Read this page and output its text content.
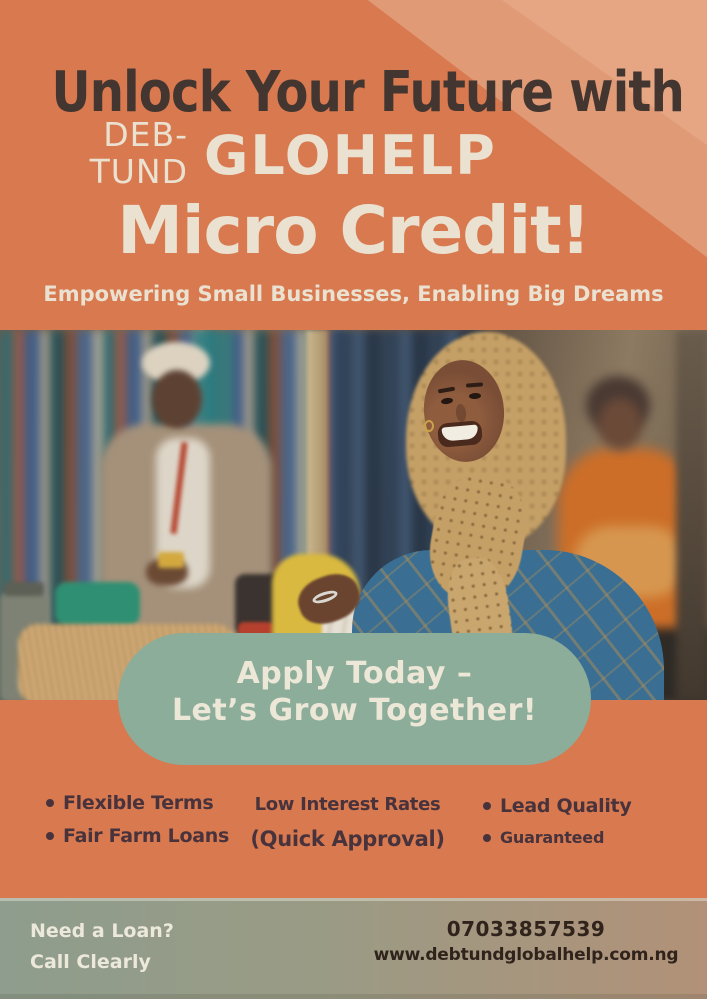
Unlock Your Future with
DEB-
TUND GLOHELP
Micro Credit!
Empowering Small Businesses, Enabling Big Dreams
Apply Today –
Let’s Grow Together!
Flexible Terms
Fair Farm Loans
Low Interest Rates
(Quick Approval)
Lead Quality
Guaranteed
Need a Loan?
Call Clearly
07033857539
www.debtundglobalhelp.com.ng
